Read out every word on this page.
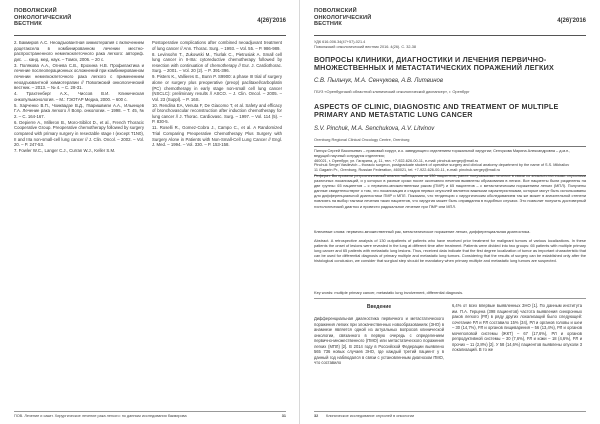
ПОВОЛЖСКИЙ
ОНКОЛОГИЧЕСКИЙ
ВЕСТНИК
4(26)'2016
2. Бакмиров А.С. Неоадъювантная химиотерапия с включением доцетаксела в комбинированном лечении местно-распространенного немелкоклеточного рака легкого: автореф. дис. … канд. мед. наук. – Томск, 2006. – 20 с.
3. Полякова А.А., Огнева С.В., Ерохина Н.В. Профилактика и лечение послеоперационных осложнений при комбинированном лечении немелкоклеточного рака легкого с применением неоадъювантной химиотерапии // Поволжский онкологический вестник. – 2013. – № 4. – С. 28-31.
4. Трахтенберг А.Х., Чиссов В.И. Клиническая онкопульмонология. – М.: ГЭОТАР Медиа, 2000. – 600 с.
5. Харченко В.П., Чхиквадзе В.Д., Гваришвили А.А., Ильинцев Г.А. Лечение рака легкого // Вопр. онкологии. – 1998. – Т. 45, № 2. – С. 164-167.
6. Depierre A., Milleron B., Moro-Sibilot D., et al., French Thoracic Cooperative Group. Preoperative chemotherapy followed by surgery compared with primary surgery in resectable stage I (except T1N0), II and IIIa non-small-cell lung cancer // J. Clin. Oncol. – 2002. – Vol. 20. – P. 247-53.
7. Fowler W.C., Langer C.J., Curran W.J., Keller S.M.
Postoperative complications after combined neoadjuvant treatment of lung cancer // Ann. Thorac. Surg. – 1993. – Vol. 55. – P. 986-989.
8. Levinsohn T., Zukowski M., Tiurlak C., Pietrusiak A. Small cell lung cancer in II-IIIa: cytoreductive chemotherapy followed by resection with continuation of chemotherapy // Eur. J. Cardiothorac. Surg. – 2001. – Vol. 20 (2). – P. 391-396.
9. Pisters K., Vallieres E., Bunn P. S9900: a phase III trial of surgery alone or surgery plus preoperative (preop) paclitaxel/carboplatin (PC) chemotherapy in early stage non-small cell lung cancer (NSCLC): preliminary results // ASCO. – J. Clin. Oncol. – 2005. – Vol. 23 (Suppl). – P. 16S.
10. Rendina EA, Venuta F, De Giacomo T, et al. Safety and efficacy of bronchovascular reconstruction after induction chemotherapy for lung cancer // J. Thorac. Cardiovasc. Surg. – 1997. – Vol. 114 (5). – P. 830-5.
11. Roselli R., Gomez-Cobra J., Campo C., et al. A Randomized Trial Comparing Preoperative Chemotherapy Plus Surgery with Surgery Alone in Patients with Non-Small-Cell Lung Cancer // Engl. J. Med. – 1994. – Vol. 330. – P. 153-158.
ПОВ. Лечение и сакит. Хирургическое лечение рака легкого: по данным исследования бакмирова	31
ПОВОЛЖСКИЙ
ОНКОЛОГИЧЕСКИЙ
ВЕСТНИК
4(26)'2016
УДК 616-006.34(47+57)-021.4
Поволжский онкологический вестник 2016. 4(26). C. 32-38
ВОПРОСЫ КЛИНИКИ, ДИАГНОСТИКИ И ЛЕЧЕНИЯ ПЕРВИЧНО-МНОЖЕСТВЕННЫХ И МЕТАСТАТИЧЕСКИХ ПОРАЖЕНИЙ ЛЕГКИХ
С.В. Пыльчук, М.А. Сенчукова, А.В. Литвинов
ГБУЗ «Оренбургский областной клинический онкологический диспансер», г. Оренбург
ASPECTS OF CLINIC, DIAGNOSTIC AND TREATMENT OF MULTIPLE PRIMARY AND METASTATIC LUNG CANCER
S.V. Pinchuk, M.A. Senchukova, A.V. Litvinov
Orenburg Regional Clinical Oncology Centre, Orenburg
Пинчук Сергей Васильевич – правовый хирург, и.о. заведующего отделением торакальной хирургии; Сенчукова Марина Александровна – д.м.н., ведущий научный сотрудник отделения;
460021, г. Оренбург, ул. Гагарина, д. 11, тел. +7-922-626-00-11, e-mail: pinchuk.sergey@mail.ru
Pinchuk Sergei Vasilevich – thoracic surgeon, postgraduate student of operative surgery and clinical anatomy department by the name of S.S. Mikhailov
11 Gagarin Pr., Orenburg, Russian Federation, 460021, tel. +7-922-626-00-11, e-mail: pinchuk.sergey@mail.ru
Реферат. Вы провели ретроспективный анализ наблюдения за 130 пациентов, ранее получавшими лечение в связи со злокачественными опухолями различных локализаций, и у которых в разные сроки после окончания лечения выявлены образования в легких. Все пациенты были разделены на две группы: 65 пациентов – с первично-множественным раком (ПМР) и 65 пациентов – с метастатическим поражением легких (МПЛ). Получены данные свидетельствуют о том, что локализация и стадия первых опухолей является важными характеристиками, которые могут быть использованы для дифференциальной диагностики ПМР и МПЛ. Показано, что тенденцию с хирургическим обследованием так же может в значительной степени повлиять на выбор тактики лечения таких пациентов, что хирургия может быть оправданна в подобных случаях. Это позволит получить достоверный гистологический диагноз и провести радикальное лечение при ПМР или МПЛ.
Ключевые слова: первично-множественный рак, метастатическое поражение легких, дифференциальная диагностика.
Abstract. A retrospective analysis of 130 outpatients of patients who have received prior treatment for malignant tumors of various localizations. In these patients the onset of lesions were revealed in the lung at different time after treatment. Patients were divided into two groups: 65 patients with multiple primary lung cancer and 65 patients with metastatic lung lesions. Thus, received data indicate that the first degree localization of tumor as important characteristic that can be used for differential diagnosis of primary multiple and metastatic lung tumors. Considering that the results of surgery can be established only after the histological conclusion, we consider that surgical step should be mandatory when primary multiple and metastatic lung tumors are suspected.
Key words: multiple primary cancer, metastatic lung involvement, differential diagnosis.
Введение
Дифференциальная диагностика первичного и метастатического поражения легких при злокачественных новообразованиях (ЗНО) в анамнезе является одной из актуальных вопросов клинической онкологии, связанного в первую очередь с определением первично-множественного (ПМО) или метастатического поражения легких (МПЛ) [2]. В 2014 году в Российской Федерации выявлено 565 736 новых случаев ЗНО, где каждый третий пациент у в данный год наблюдался в связи с установленным диагнозом ПМО, что составило
6,4% от всех впервые выявленных ЗНО [1]. По данным института им. П.А. Герцена (398 пациентов) частота выявления синхронных раков легкого (РЛ) в ряду других локализаций было следующей: сочетание РЛ и РЛ составило 15% (34), РЛ и органов головы и шеи – 30 (14,7%), РЛ и органов пищеварения – 56 (13,4%), РЛ и органов мочеполовой системы (ЖКТ) – 67 (17,6%), РЛ и органов репродуктивной системы – 30 (7,6%), РЛ и кожи – 18 (4,6%), РЛ и прочих – 11 (2,8%) [2]. У 58 (14,6%) пациентов выявлены опухоли 3 локализаций. В то же
32 Клиническое исследование опухолей в онкологии
